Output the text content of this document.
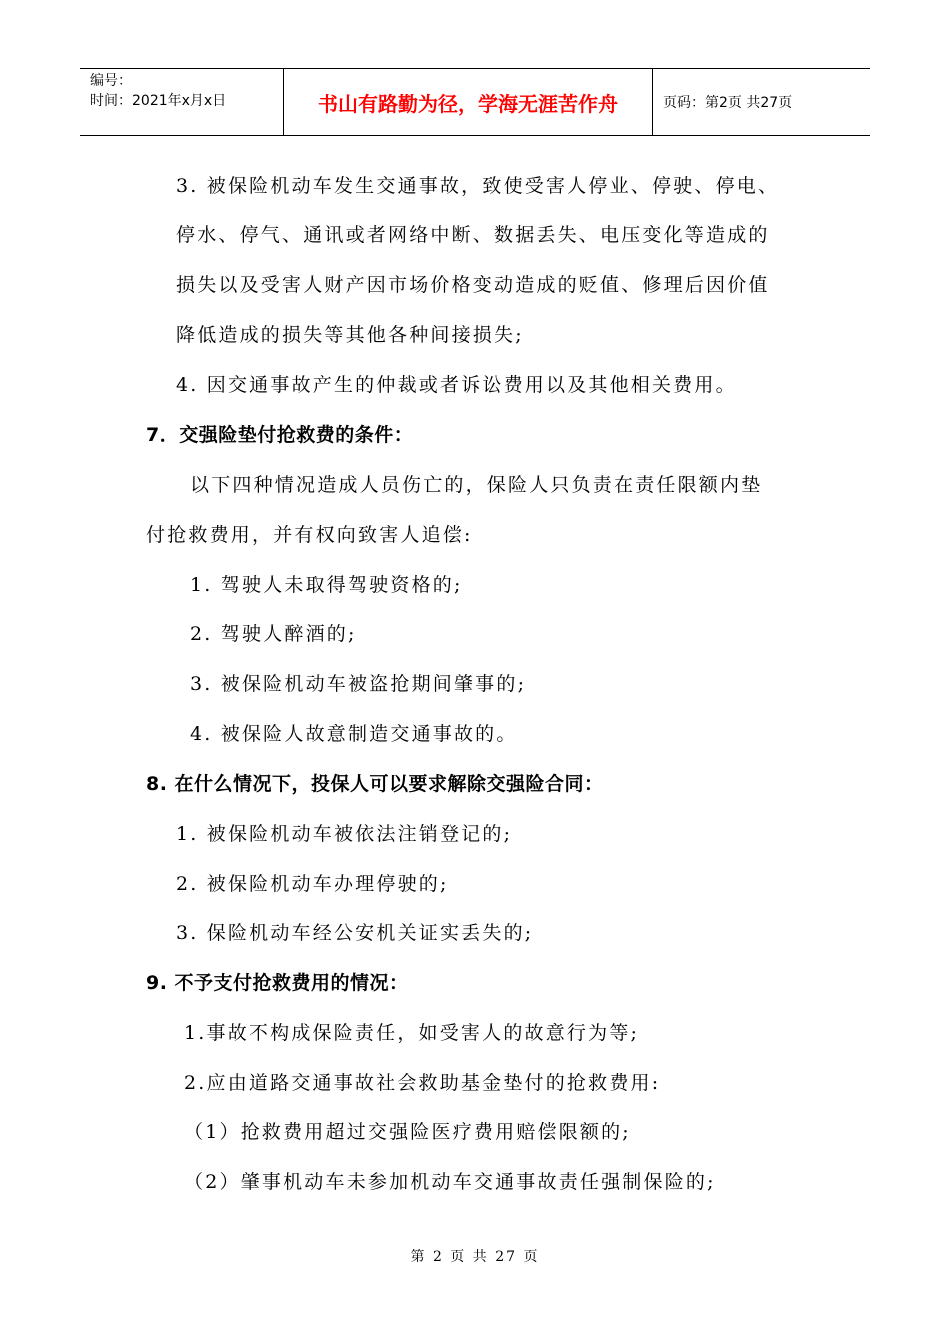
编号：
时间：2021年x月x日	书山有路勤为径，学海无涯苦作舟	页码：第2页 共27页
3. 被保险机动车发生交通事故，致使受害人停业、停驶、停电、
停水、停气、通讯或者网络中断、数据丢失、电压变化等造成的
损失以及受害人财产因市场价格变动造成的贬值、修理后因价值
降低造成的损失等其他各种间接损失;
4. 因交通事故产生的仲裁或者诉讼费用以及其他相关费用。
7．交强险垫付抢救费的条件：
以下四种情况造成人员伤亡的，保险人只负责在责任限额内垫
付抢救费用，并有权向致害人追偿:
1. 驾驶人未取得驾驶资格的;
2. 驾驶人醉酒的;
3. 被保险机动车被盗抢期间肇事的;
4. 被保险人故意制造交通事故的。
8. 在什么情况下，投保人可以要求解除交强险合同：
1. 被保险机动车被依法注销登记的;
2. 被保险机动车办理停驶的;
3. 保险机动车经公安机关证实丢失的;
9. 不予支付抢救费用的情况：
1.事故不构成保险责任，如受害人的故意行为等;
2.应由道路交通事故社会救助基金垫付的抢救费用:
（1）抢救费用超过交强险医疗费用赔偿限额的;
（2）肇事机动车未参加机动车交通事故责任强制保险的;
第 2 页 共 27 页
